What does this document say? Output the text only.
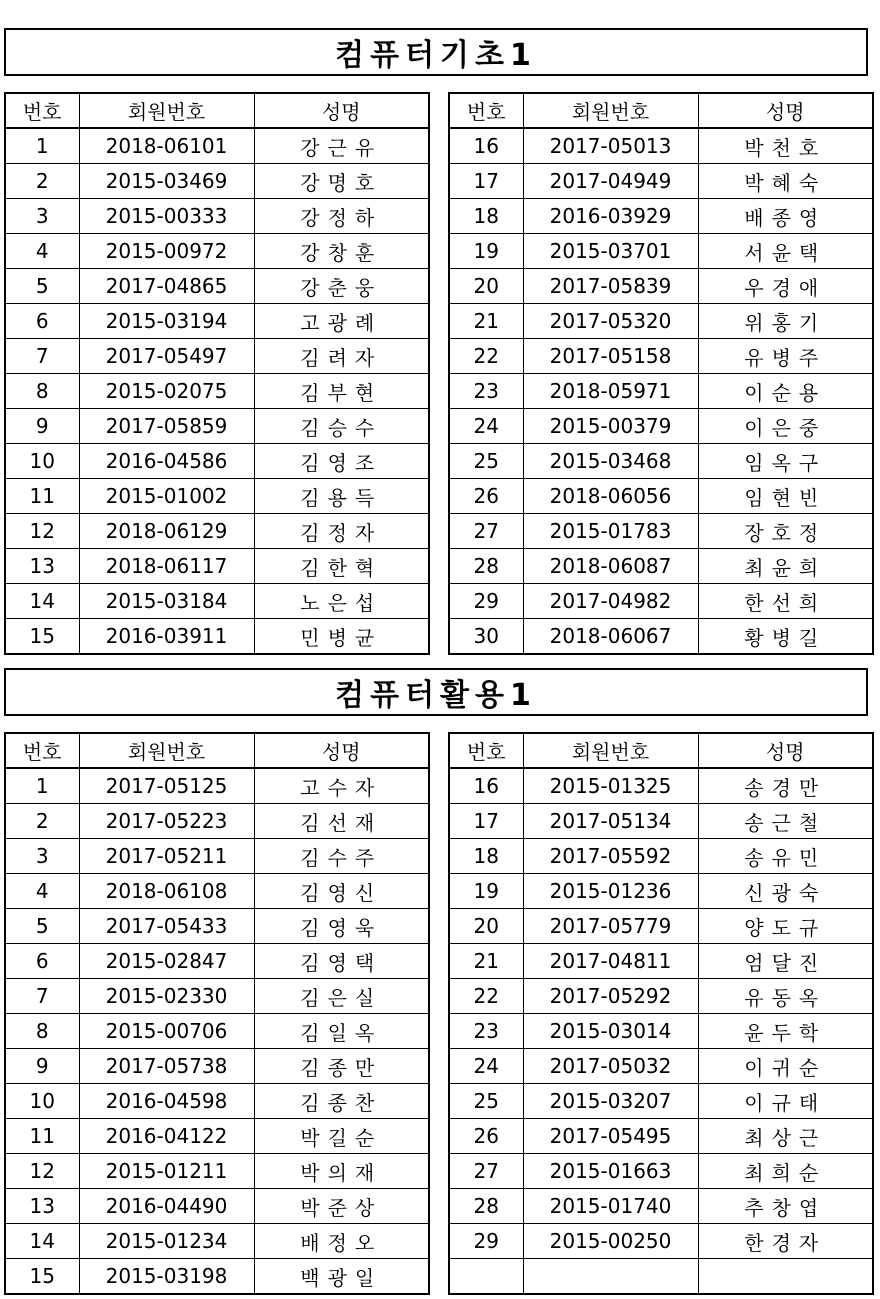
컴퓨터기초1
번호	회원번호	성명
1	2018-06101	강근유
2	2015-03469	강명호
3	2015-00333	강정하
4	2015-00972	강창훈
5	2017-04865	강춘웅
6	2015-03194	고광례
7	2017-05497	김려자
8	2015-02075	김부현
9	2017-05859	김승수
10	2016-04586	김영조
11	2015-01002	김용득
12	2018-06129	김정자
13	2018-06117	김한혁
14	2015-03184	노은섭
15	2016-03911	민병균
번호	회원번호	성명
16	2017-05013	박천호
17	2017-04949	박혜숙
18	2016-03929	배종영
19	2015-03701	서윤택
20	2017-05839	우경애
21	2017-05320	위홍기
22	2017-05158	유병주
23	2018-05971	이순용
24	2015-00379	이은중
25	2015-03468	임옥구
26	2018-06056	임현빈
27	2015-01783	장호정
28	2018-06087	최윤희
29	2017-04982	한선희
30	2018-06067	황병길
컴퓨터활용1
번호	회원번호	성명
1	2017-05125	고수자
2	2017-05223	김선재
3	2017-05211	김수주
4	2018-06108	김영신
5	2017-05433	김영욱
6	2015-02847	김영택
7	2015-02330	김은실
8	2015-00706	김일옥
9	2017-05738	김종만
10	2016-04598	김종찬
11	2016-04122	박길순
12	2015-01211	박의재
13	2016-04490	박준상
14	2015-01234	배정오
15	2015-03198	백광일
번호	회원번호	성명
16	2015-01325	송경만
17	2017-05134	송근철
18	2017-05592	송유민
19	2015-01236	신광숙
20	2017-05779	양도규
21	2017-04811	엄달진
22	2017-05292	유동옥
23	2015-03014	윤두학
24	2017-05032	이귀순
25	2015-03207	이규태
26	2017-05495	최상근
27	2015-01663	최희순
28	2015-01740	추창엽
29	2015-00250	한경자
